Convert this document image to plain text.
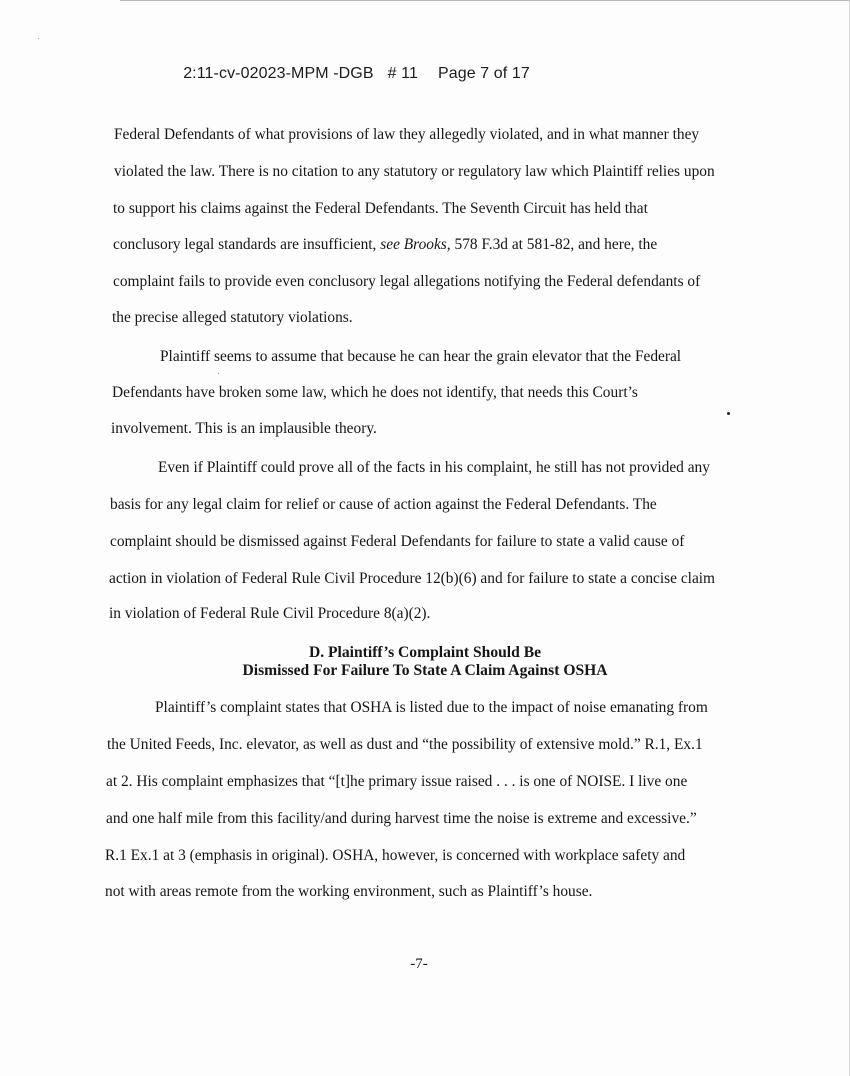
2:11-cv-02023-MPM -DGB # 11 Page 7 of 17

Federal Defendants of what provisions of law they allegedly violated, and in what manner they
violated the law. There is no citation to any statutory or regulatory law which Plaintiff relies upon
to support his claims against the Federal Defendants. The Seventh Circuit has held that
conclusory legal standards are insufficient, see Brooks, 578 F.3d at 581-82, and here, the
complaint fails to provide even conclusory legal allegations notifying the Federal defendants of
the precise alleged statutory violations.
Plaintiff seems to assume that because he can hear the grain elevator that the Federal
Defendants have broken some law, which he does not identify, that needs this Court’s
involvement. This is an implausible theory.
Even if Plaintiff could prove all of the facts in his complaint, he still has not provided any
basis for any legal claim for relief or cause of action against the Federal Defendants. The
complaint should be dismissed against Federal Defendants for failure to state a valid cause of
action in violation of Federal Rule Civil Procedure 12(b)(6) and for failure to state a concise claim
in violation of Federal Rule Civil Procedure 8(a)(2).
D. Plaintiff’s Complaint Should Be
Dismissed For Failure To State A Claim Against OSHA
Plaintiff’s complaint states that OSHA is listed due to the impact of noise emanating from
the United Feeds, Inc. elevator, as well as dust and “the possibility of extensive mold.” R.1, Ex.1
at 2. His complaint emphasizes that “[t]he primary issue raised . . . is one of NOISE. I live one
and one half mile from this facility/and during harvest time the noise is extreme and excessive.”
R.1 Ex.1 at 3 (emphasis in original). OSHA, however, is concerned with workplace safety and
not with areas remote from the working environment, such as Plaintiff’s house.
-7-
